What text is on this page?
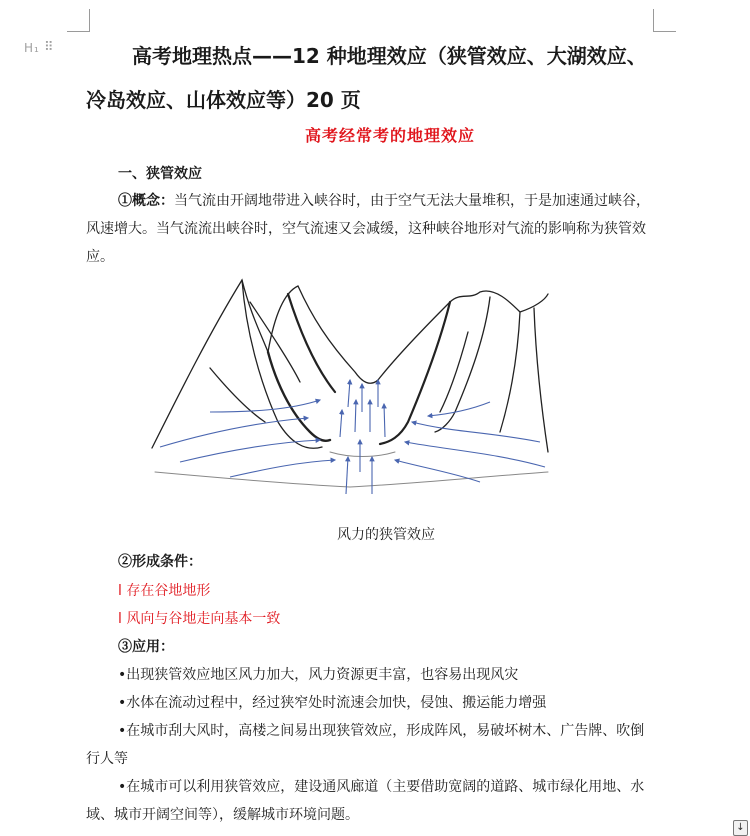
H₁ ⠿	高考地理热点——12 种地理效应（狭管效应、大湖效应、冷岛效应、山体效应等）20 页
高考经常考的地理效应

一、狭管效应

①概念：当气流由开阔地带进入峡谷时，由于空气无法大量堆积，于是加速通过峡谷，风速增大。当气流流出峡谷时，空气流速又会减缓，这种峡谷地形对气流的影响称为狭管效应。

风力的狭管效应

②形成条件：

l 存在谷地地形

l 风向与谷地走向基本一致

③应用：

•出现狭管效应地区风力加大，风力资源更丰富，也容易出现风灾

•水体在流动过程中，经过狭窄处时流速会加快，侵蚀、搬运能力增强

•在城市刮大风时，高楼之间易出现狭管效应，形成阵风，易破坏树木、广告牌、吹倒行人等

•在城市可以利用狭管效应，建设通风廊道（主要借助宽阔的道路、城市绿化用地、水域、城市开阔空间等），缓解城市环境问题。

↓
